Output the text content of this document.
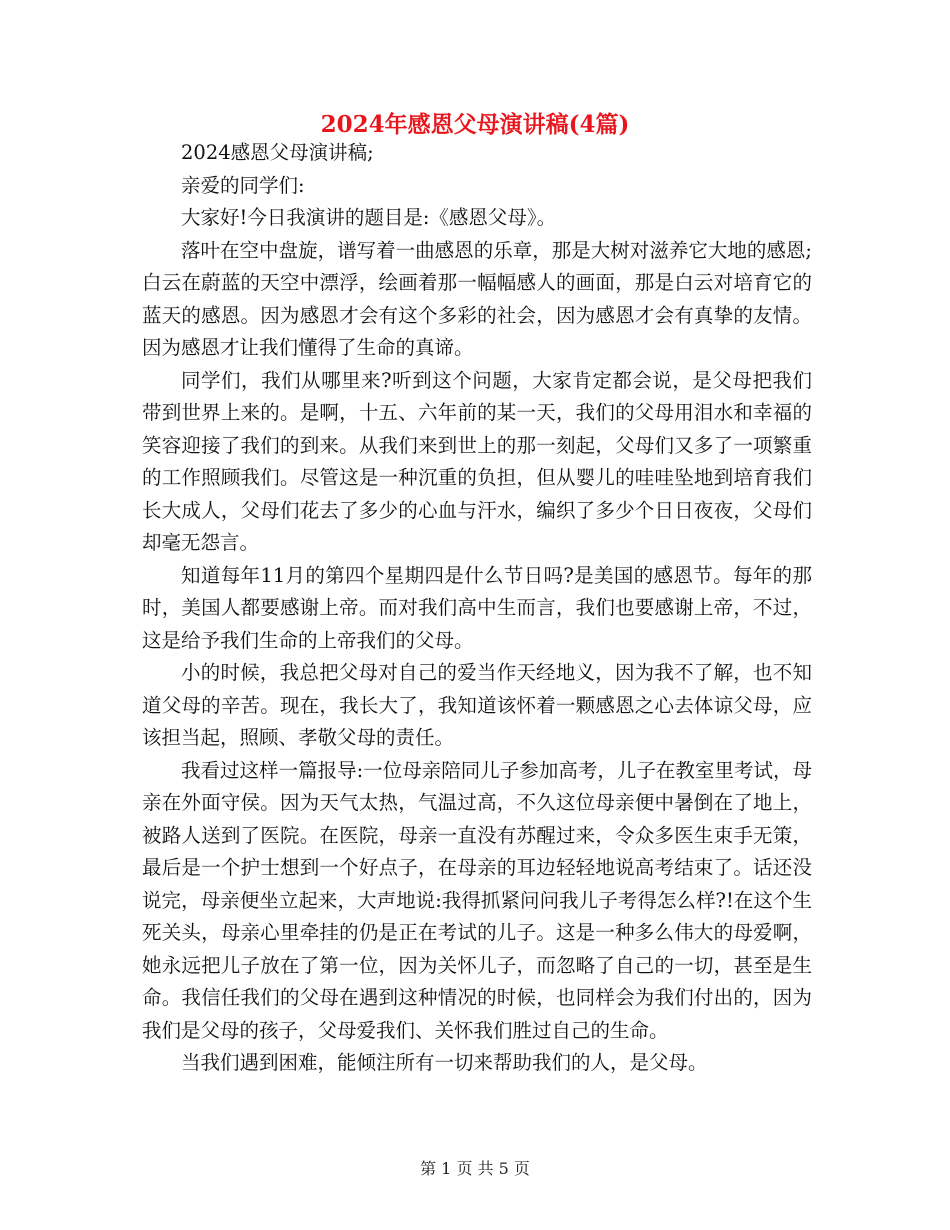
2024年感恩父母演讲稿(4篇)

2024感恩父母演讲稿;

亲爱的同学们:

大家好!今日我演讲的题目是:《感恩父母》。

落叶在空中盘旋，谱写着一曲感恩的乐章，那是大树对滋养它大地的感恩;白云在蔚蓝的天空中漂浮，绘画着那一幅幅感人的画面，那是白云对培育它的蓝天的感恩。因为感恩才会有这个多彩的社会，因为感恩才会有真挚的友情。因为感恩才让我们懂得了生命的真谛。

同学们，我们从哪里来?听到这个问题，大家肯定都会说，是父母把我们带到世界上来的。是啊，十五、六年前的某一天，我们的父母用泪水和幸福的笑容迎接了我们的到来。从我们来到世上的那一刻起，父母们又多了一项繁重的工作照顾我们。尽管这是一种沉重的负担，但从婴儿的哇哇坠地到培育我们长大成人，父母们花去了多少的心血与汗水，编织了多少个日日夜夜，父母们却毫无怨言。

知道每年11月的第四个星期四是什么节日吗?是美国的感恩节。每年的那时，美国人都要感谢上帝。而对我们高中生而言，我们也要感谢上帝，不过，这是给予我们生命的上帝我们的父母。

小的时候，我总把父母对自己的爱当作天经地义，因为我不了解，也不知道父母的辛苦。现在，我长大了，我知道该怀着一颗感恩之心去体谅父母，应该担当起，照顾、孝敬父母的责任。

我看过这样一篇报导:一位母亲陪同儿子参加高考，儿子在教室里考试，母亲在外面守侯。因为天气太热，气温过高，不久这位母亲便中暑倒在了地上，被路人送到了医院。在医院，母亲一直没有苏醒过来，令众多医生束手无策，最后是一个护士想到一个好点子，在母亲的耳边轻轻地说高考结束了。话还没说完，母亲便坐立起来，大声地说:我得抓紧问问我儿子考得怎么样?!在这个生死关头，母亲心里牵挂的仍是正在考试的儿子。这是一种多么伟大的母爱啊，她永远把儿子放在了第一位，因为关怀儿子，而忽略了自己的一切，甚至是生命。我信任我们的父母在遇到这种情况的时候，也同样会为我们付出的，因为我们是父母的孩子，父母爱我们、关怀我们胜过自己的生命。

当我们遇到困难，能倾注所有一切来帮助我们的人，是父母。

第 1 页 共 5 页
